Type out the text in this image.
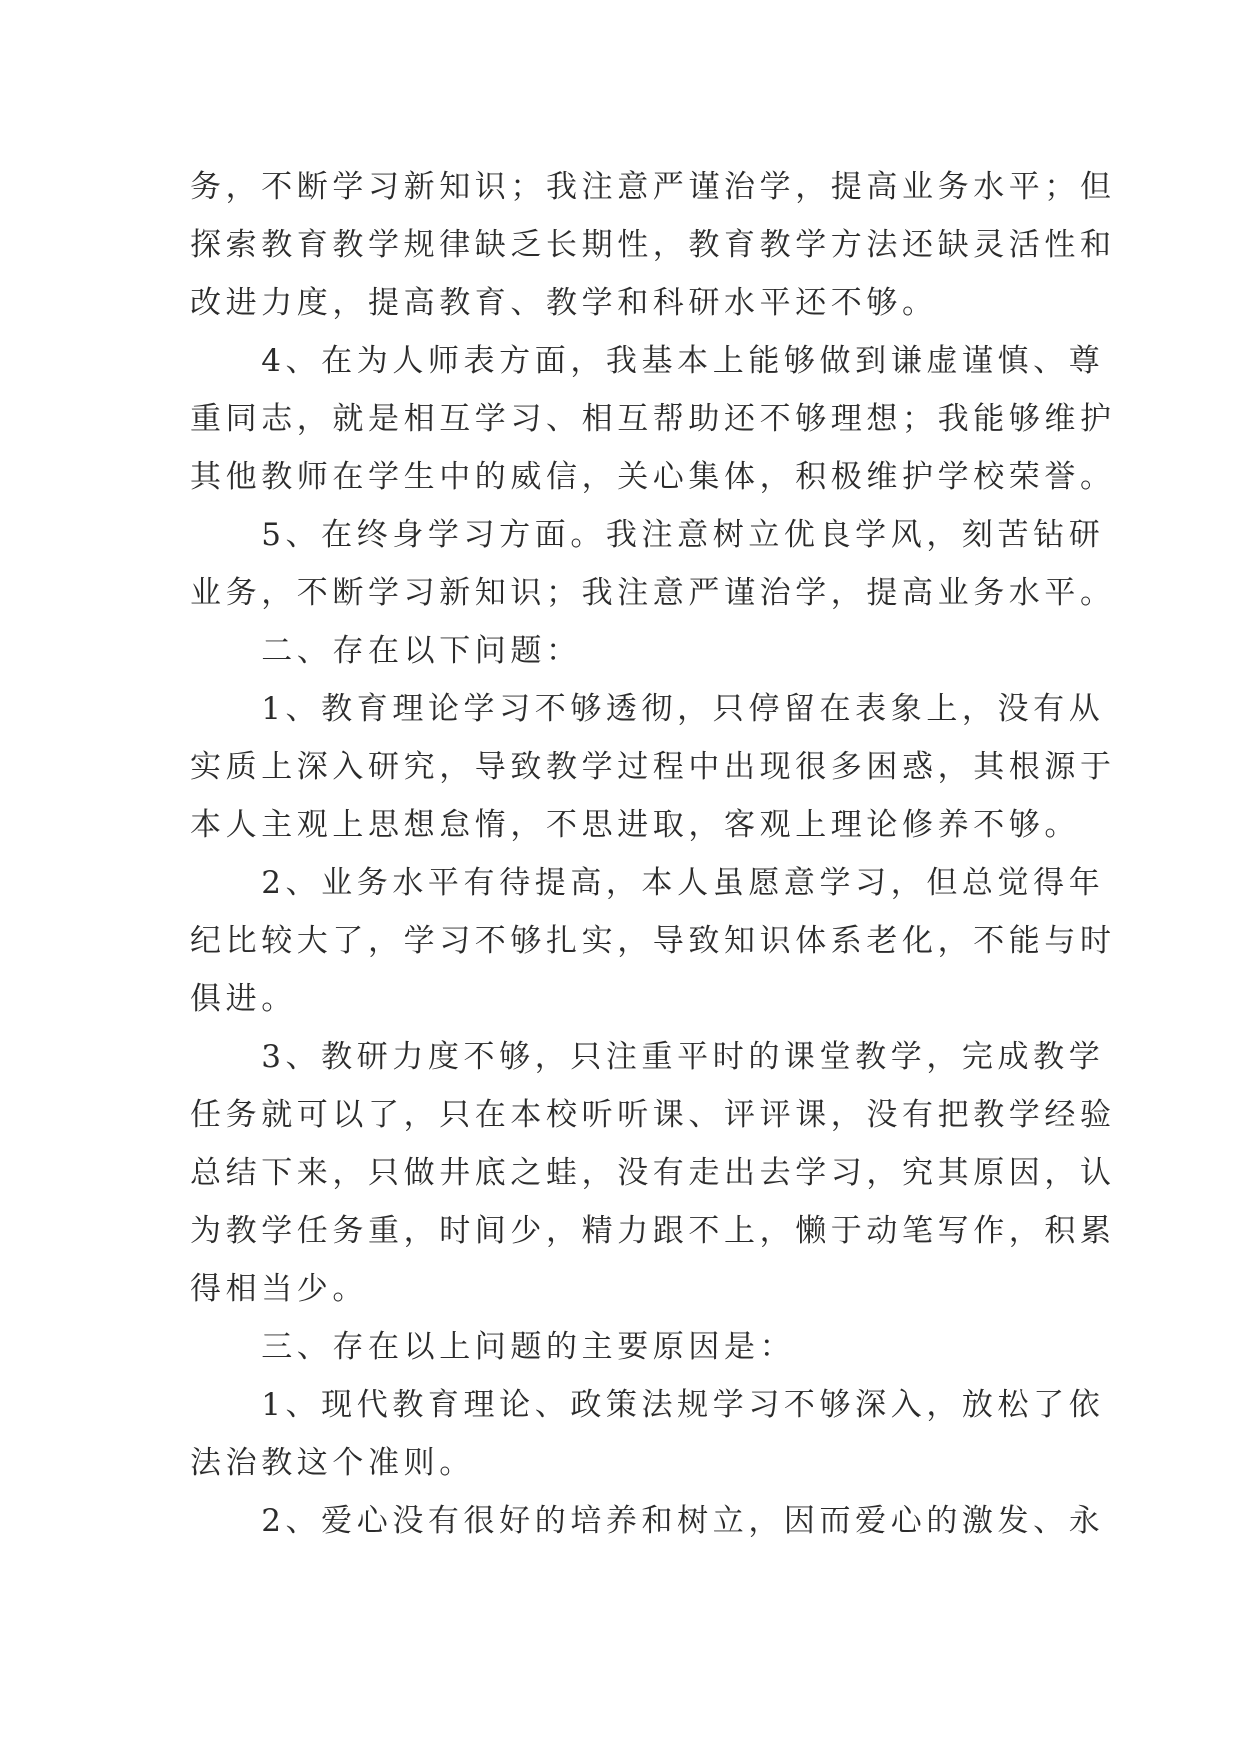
务，不断学习新知识；我注意严谨治学，提高业务水平；但
探索教育教学规律缺乏长期性，教育教学方法还缺灵活性和
改进力度，提高教育、教学和科研水平还不够。
　　4、在为人师表方面，我基本上能够做到谦虚谨慎、尊
重同志，就是相互学习、相互帮助还不够理想；我能够维护
其他教师在学生中的威信，关心集体，积极维护学校荣誉。
　　5、在终身学习方面。我注意树立优良学风，刻苦钻研
业务，不断学习新知识；我注意严谨治学，提高业务水平。
　　二、存在以下问题：
　　1、教育理论学习不够透彻，只停留在表象上，没有从
实质上深入研究，导致教学过程中出现很多困惑，其根源于
本人主观上思想怠惰，不思进取，客观上理论修养不够。
　　2、业务水平有待提高，本人虽愿意学习，但总觉得年
纪比较大了，学习不够扎实，导致知识体系老化，不能与时
俱进。
　　3、教研力度不够，只注重平时的课堂教学，完成教学
任务就可以了，只在本校听听课、评评课，没有把教学经验
总结下来，只做井底之蛙，没有走出去学习，究其原因，认
为教学任务重，时间少，精力跟不上，懒于动笔写作，积累
得相当少。
　　三、存在以上问题的主要原因是：
　　1、现代教育理论、政策法规学习不够深入，放松了依
法治教这个准则。
　　2、爱心没有很好的培养和树立，因而爱心的激发、永
